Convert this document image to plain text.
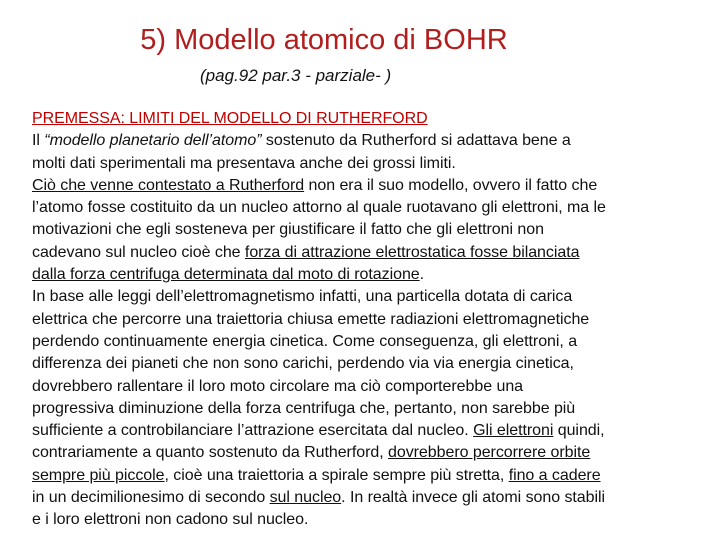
5) Modello atomico di BOHR
(pag.92 par.3 - parziale- )
PREMESSA: LIMITI DEL MODELLO DI RUTHERFORD
Il “modello planetario dell’atomo” sostenuto da Rutherford si adattava bene a
molti dati sperimentali ma presentava anche dei grossi limiti.
Ciò che venne contestato a Rutherford non era il suo modello, ovvero il fatto che
l’atomo fosse costituito da un nucleo attorno al quale ruotavano gli elettroni, ma le
motivazioni che egli sosteneva per giustificare il fatto che gli elettroni non
cadevano sul nucleo cioè che forza di attrazione elettrostatica fosse bilanciata
dalla forza centrifuga determinata dal moto di rotazione.
In base alle leggi dell’elettromagnetismo infatti, una particella dotata di carica
elettrica che percorre una traiettoria chiusa emette radiazioni elettromagnetiche
perdendo continuamente energia cinetica. Come conseguenza, gli elettroni, a
differenza dei pianeti che non sono carichi, perdendo via via energia cinetica,
dovrebbero rallentare il loro moto circolare ma ciò comporterebbe una
progressiva diminuzione della forza centrifuga che, pertanto, non sarebbe più
sufficiente a controbilanciare l’attrazione esercitata dal nucleo. Gli elettroni quindi,
contrariamente a quanto sostenuto da Rutherford, dovrebbero percorrere orbite
sempre più piccole, cioè una traiettoria a spirale sempre più stretta, fino a cadere
in un decimilionesimo di secondo sul nucleo. In realtà invece gli atomi sono stabili
e i loro elettroni non cadono sul nucleo.
